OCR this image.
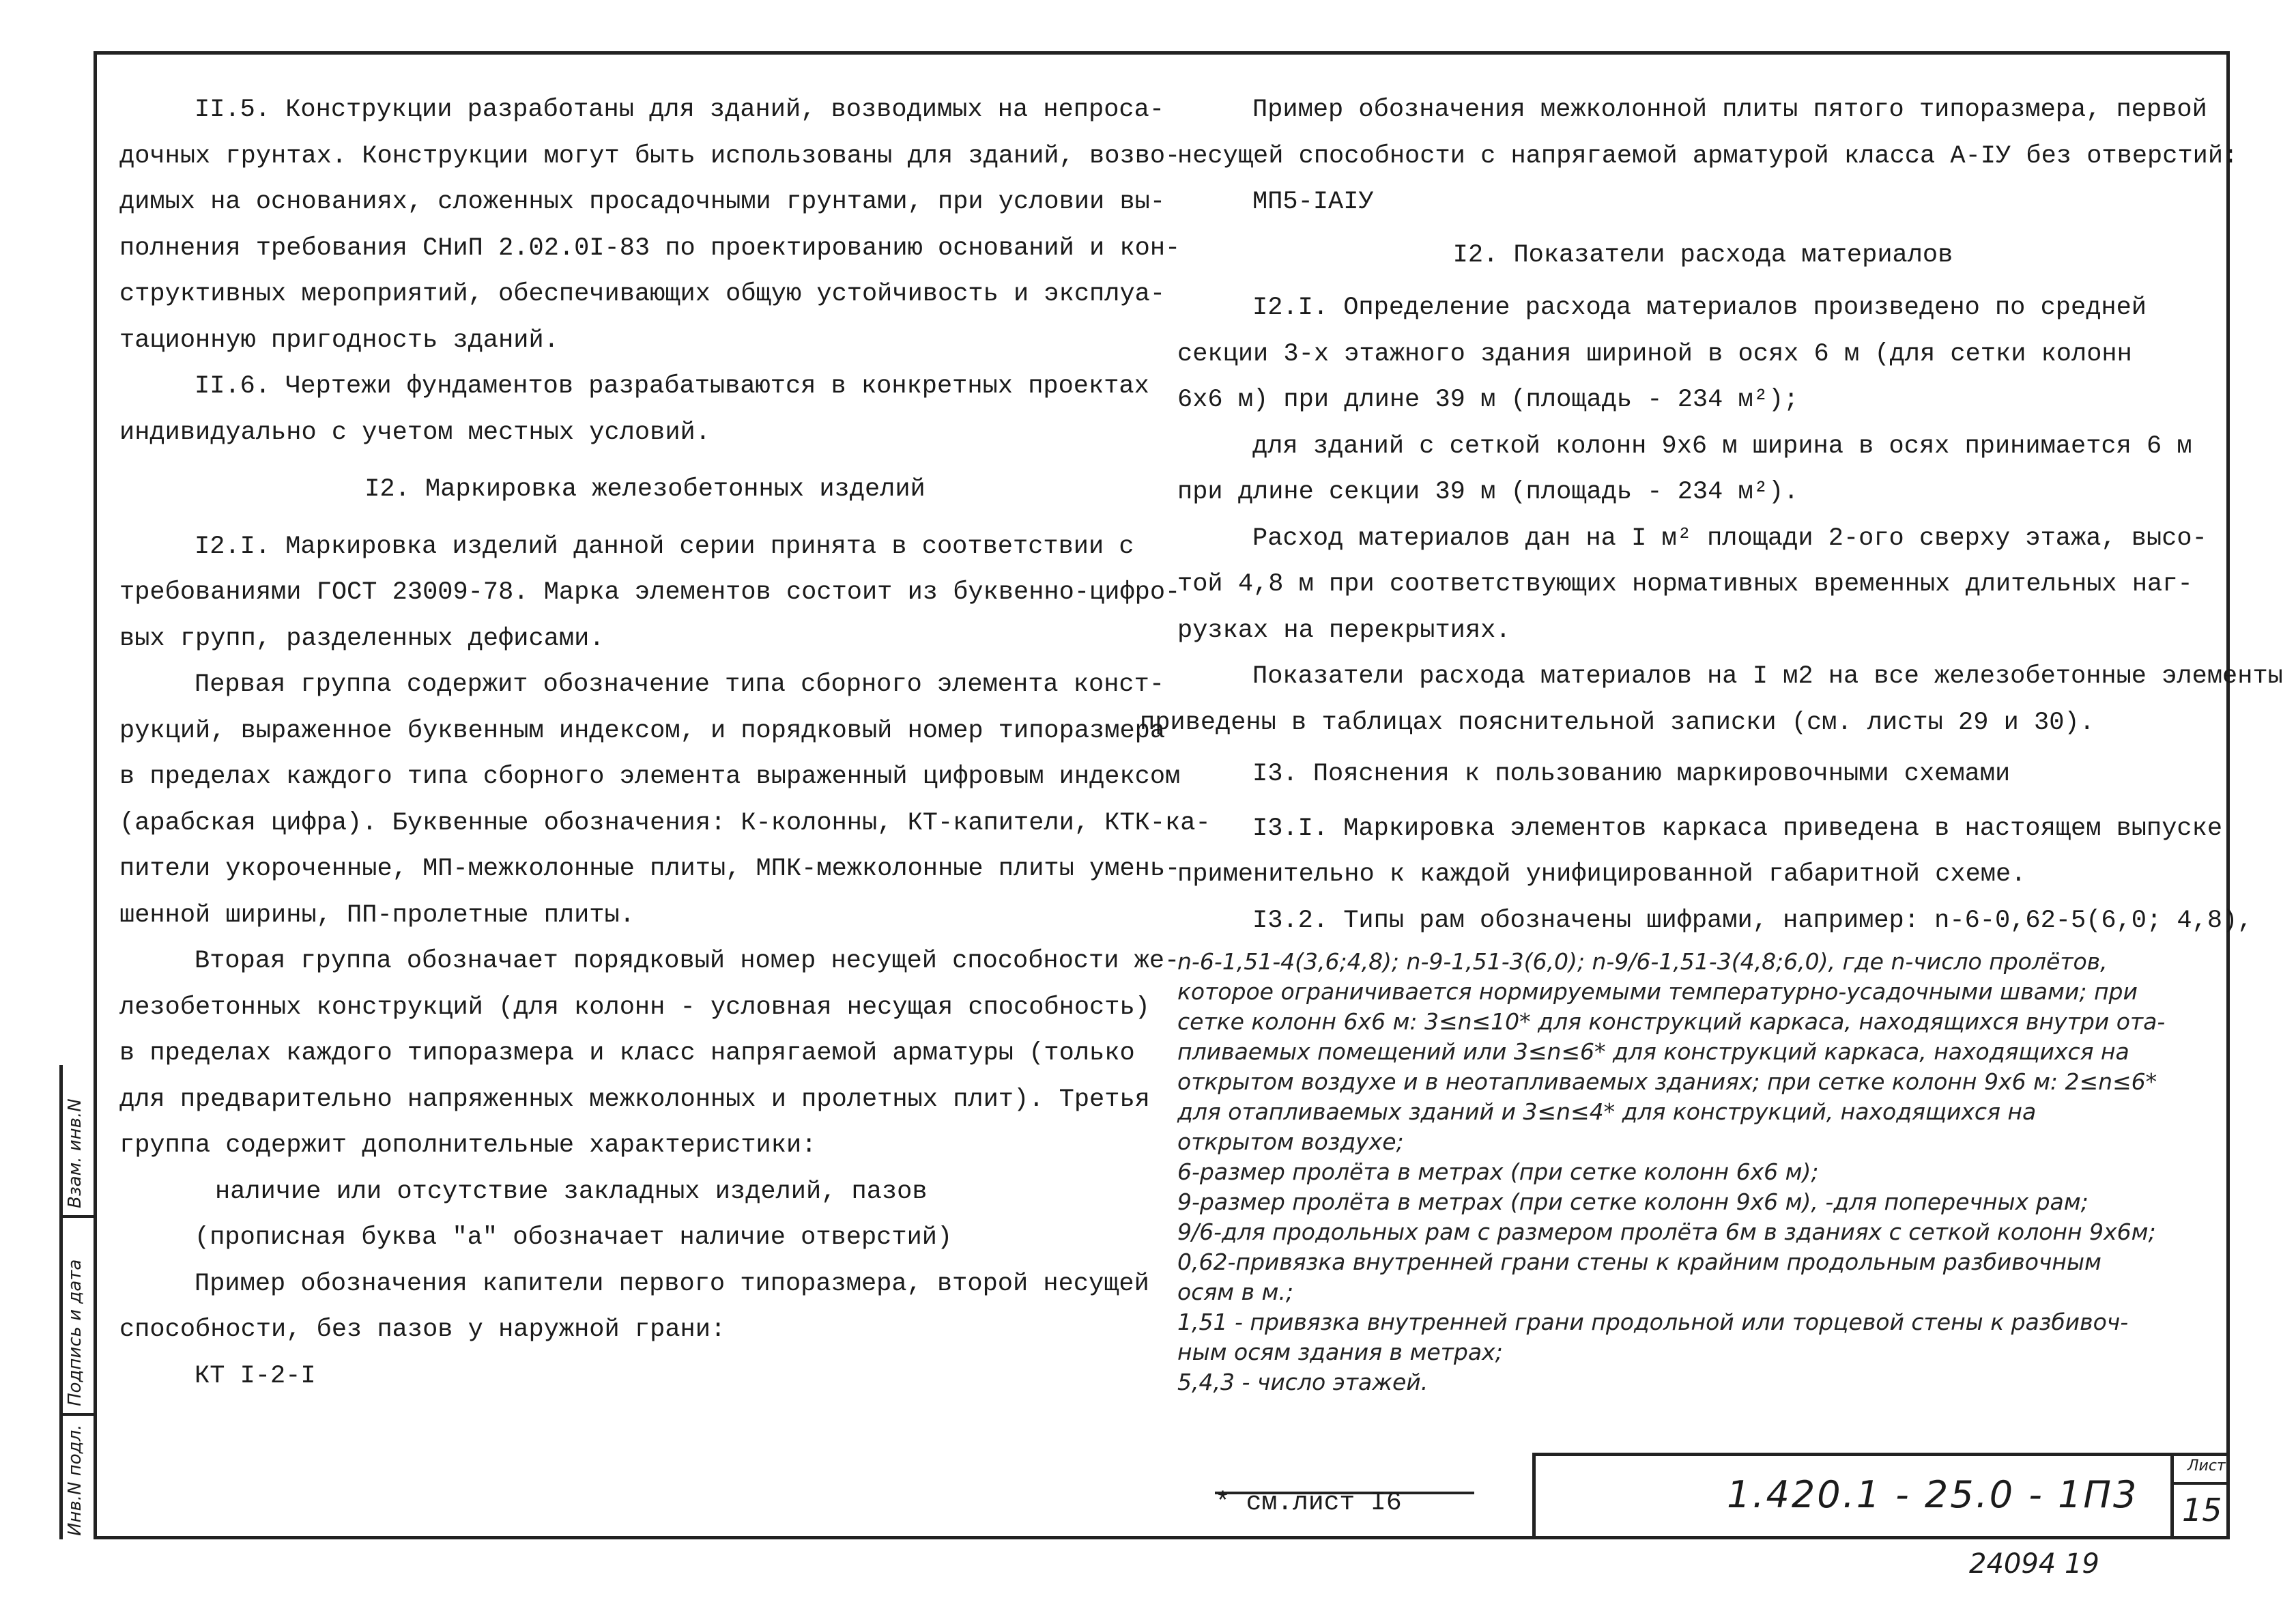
Инв.N подл.
Подпись и дата
Взам. инв.N

II.5. Конструкции разработаны для зданий, возводимых на непроса-

дочных грунтах. Конструкции могут быть использованы для зданий, возво-

димых на основаниях, сложенных просадочными грунтами, при условии вы-

полнения требования СНиП 2.02.0I-83 по проектированию оснований и кон-

структивных мероприятий, обеспечивающих общую устойчивость и эксплуа-

тационную пригодность зданий.

II.6. Чертежи фундаментов разрабатываются в конкретных проектах

индивидуально с учетом местных условий.

I2. Маркировка железобетонных изделий

I2.I. Маркировка изделий данной серии принята в соответствии с

требованиями ГОСТ 23009-78. Марка элементов состоит из буквенно-цифро-

вых групп, разделенных дефисами.

Первая группа содержит обозначение типа сборного элемента конст-

рукций, выраженное буквенным индексом, и порядковый номер типоразмера

в пределах каждого типа сборного элемента выраженный цифровым индексом

(арабская цифра). Буквенные обозначения: К-колонны, КТ-капители, КТК-ка-

пители укороченные, МП-межколонные плиты, МПК-межколонные плиты умень-

шенной ширины, ПП-пролетные плиты.

Вторая группа обозначает порядковый номер несущей способности же-

лезобетонных конструкций (для колонн - условная несущая способность)

в пределах каждого типоразмера и класс напрягаемой арматуры (только

для предварительно напряженных межколонных и пролетных плит). Третья

группа содержит дополнительные характеристики:

наличие или отсутствие закладных изделий, пазов

(прописная буква "а" обозначает наличие отверстий)

Пример обозначения капители первого типоразмера, второй несущей

способности, без пазов у наружной грани:

КТ I-2-I

Пример обозначения межколонной плиты пятого типоразмера, первой

несущей способности с напрягаемой арматурой класса А-IУ без отверстий:

МП5-IАIУ

I2. Показатели расхода материалов

I2.I. Определение расхода материалов произведено по средней

секции 3-х этажного здания шириной в осях 6 м (для сетки колонн

6х6 м) при длине 39 м (площадь - 234 м²);

для зданий с сеткой колонн 9х6 м ширина в осях принимается 6 м

при длине секции 39 м (площадь - 234 м²).

Расход материалов дан на I м² площади 2-ого сверху этажа, высо-

той 4,8 м при соответствующих нормативных временных длительных наг-

рузках на перекрытиях.

Показатели расхода материалов на I м2 на все железобетонные элементы

приведены в таблицах пояснительной записки (см. листы 29 и 30).

I3. Пояснения к пользованию маркировочными схемами

I3.I. Маркировка элементов каркаса приведена в настоящем выпуске

применительно к каждой унифицированной габаритной схеме.

I3.2. Типы рам обозначены шифрами, например: n-6-0,62-5(6,0; 4,8),

n-6-1,51-4(3,6;4,8); n-9-1,51-3(6,0); n-9/6-1,51-3(4,8;6,0), где n-число пролётов,

которое ограничивается нормируемыми температурно-усадочными швами; при

сетке колонн 6х6 м: 3≤n≤10* для конструкций каркаса, находящихся внутри ота-

пливаемых помещений или 3≤n≤6* для конструкций каркаса, находящихся на

открытом воздухе и в неотапливаемых зданиях; при сетке колонн 9х6 м: 2≤n≤6*

для отапливаемых зданий и 3≤n≤4* для конструкций, находящихся на

открытом воздухе;

6-размер пролёта в метрах (при сетке колонн 6х6 м);

9-размер пролёта в метрах (при сетке колонн 9х6 м), -для поперечных рам;

9/6-для продольных рам с размером пролёта 6м в зданиях с сеткой колонн 9х6м;

0,62-привязка внутренней грани стены к крайним продольным разбивочным

осям в м.;

1,51 - привязка внутренней грани продольной или торцевой стены к разбивоч-

ным осям здания в метрах;

5,4,3 - число этажей.

* см.лист I6	1.420.1 - 25.0 - 1П3
Лист
15
24094 19
